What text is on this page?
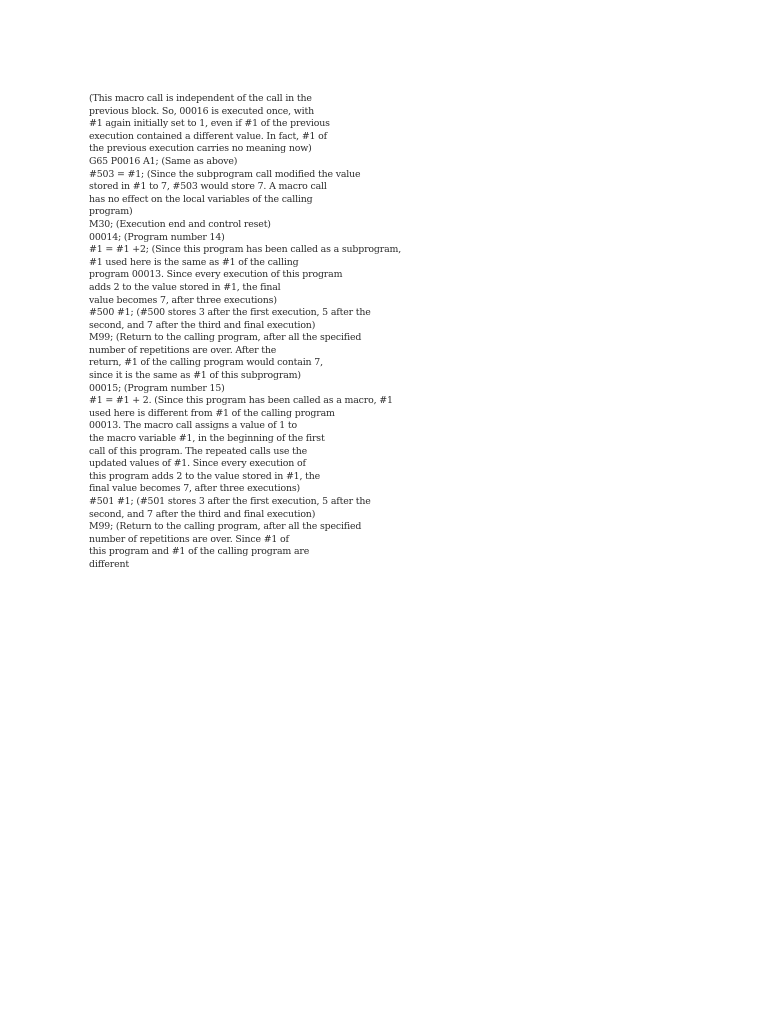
(This macro call is independent of the call in the
previous block. So, 00016 is executed once, with
#1 again initially set to 1, even if #1 of the previous
execution contained a different value. In fact, #1 of
the previous execution carries no meaning now)
G65 P0016 A1; (Same as above)
#503 = #1; (Since the subprogram call modified the value
stored in #1 to 7, #503 would store 7. A macro call
has no effect on the local variables of the calling
program)
M30; (Execution end and control reset)
00014; (Program number 14)
#1 = #1 +2; (Since this program has been called as a subprogram,
#1 used here is the same as #1 of the calling
program 00013. Since every execution of this program
adds 2 to the value stored in #1, the final
value becomes 7, after three executions)
#500 #1; (#500 stores 3 after the first execution, 5 after the
second, and 7 after the third and final execution)
M99; (Return to the calling program, after all the specified
number of repetitions are over. After the
return, #1 of the calling program would contain 7,
since it is the same as #1 of this subprogram)
00015; (Program number 15)
#1 = #1 + 2. (Since this program has been called as a macro, #1
used here is different from #1 of the calling program
00013. The macro call assigns a value of 1 to
the macro variable #1, in the beginning of the first
call of this program. The repeated calls use the
updated values of #1. Since every execution of
this program adds 2 to the value stored in #1, the
final value becomes 7, after three executions)
#501 #1; (#501 stores 3 after the first execution, 5 after the
second, and 7 after the third and final execution)
M99; (Return to the calling program, after all the specified
number of repetitions are over. Since #1 of
this program and #1 of the calling program are
different
